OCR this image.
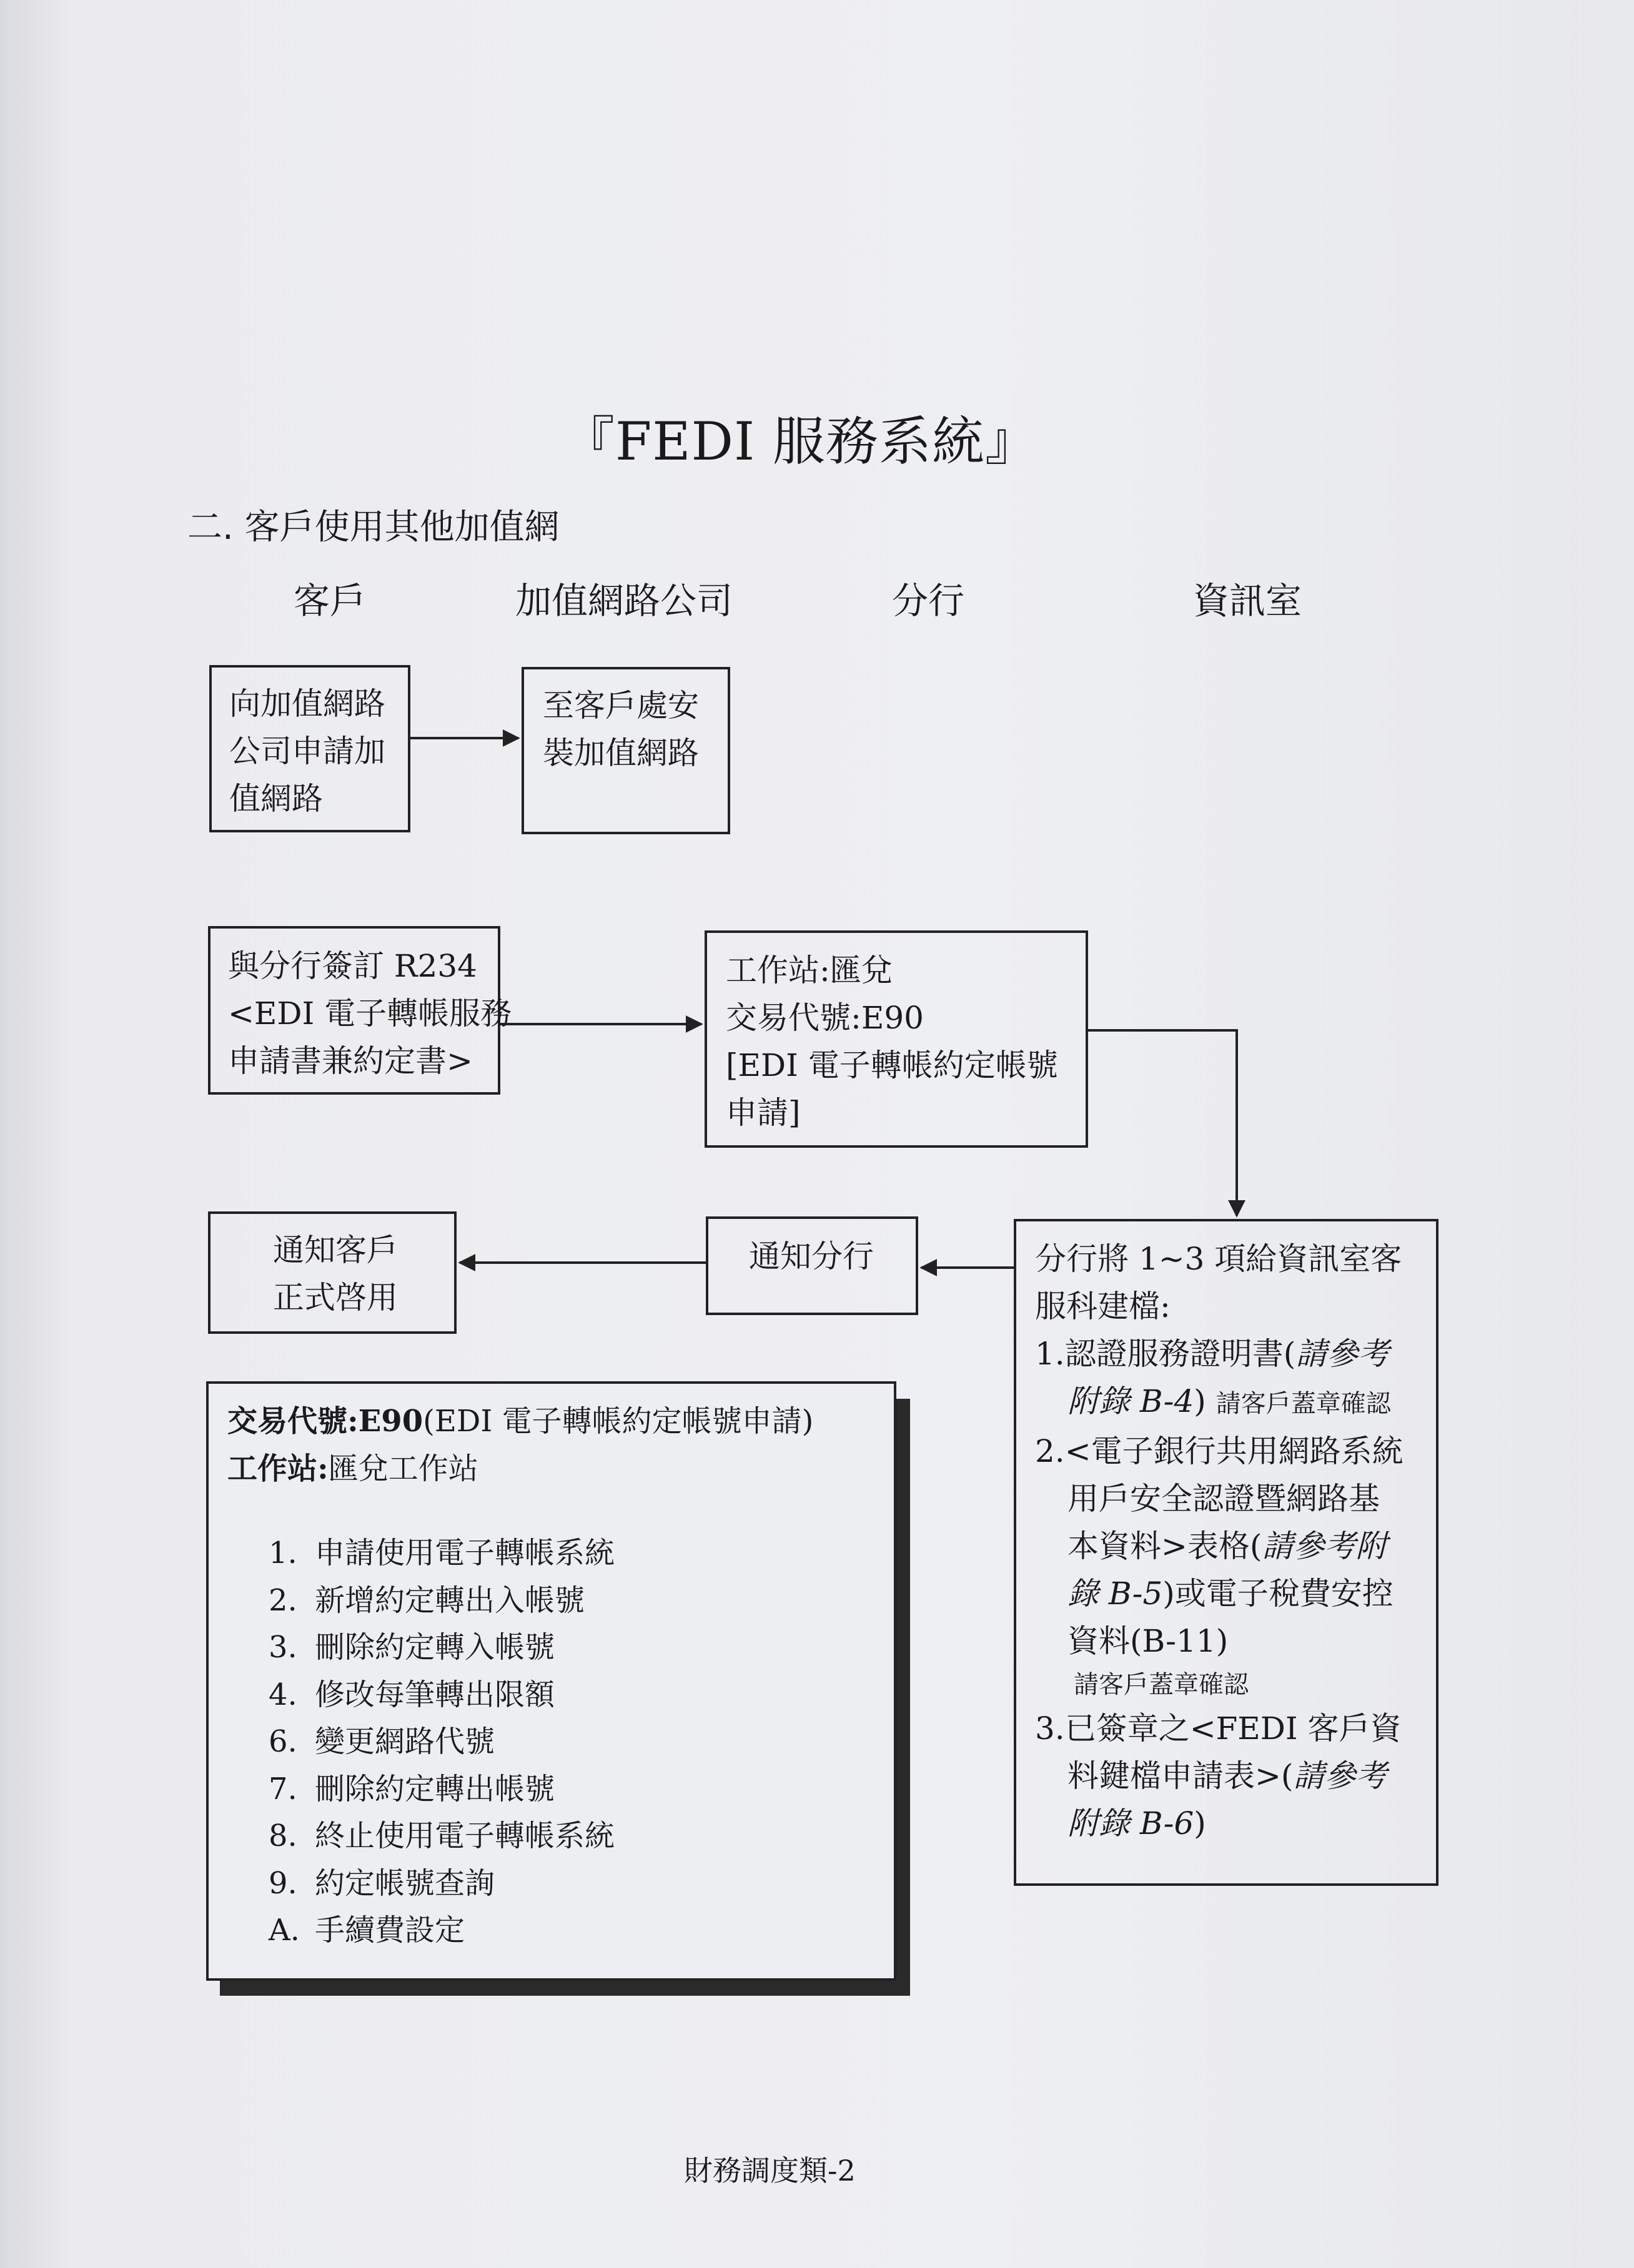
『FEDI 服務系統』
二. 客戶使用其他加值網
客戶	加值網路公司	分行	資訊室
向加值網路
公司申請加
值網路
至客戶處安
裝加值網路
與分行簽訂 R234
<EDI 電子轉帳服務
申請書兼約定書>
工作站:匯兌
交易代號:E90
[EDI 電子轉帳約定帳號
申請]
通知客戶
正式啓用
通知分行	分行將 1~3 項給資訊室客
服科建檔:
1.認證服務證明書(請參考
附錄 B-4) 請客戶蓋章確認
2.<電子銀行共用網路系統
用戶安全認證暨網路基
本資料>表格(請參考附
錄 B-5)或電子稅費安控
資料(B-11)
請客戶蓋章確認
3.已簽章之<FEDI 客戶資
料鍵檔申請表>(請參考
附錄 B-6)
交易代號:E90(EDI 電子轉帳約定帳號申請)
工作站:匯兌工作站
1. 申請使用電子轉帳系統
2. 新增約定轉出入帳號
3. 刪除約定轉入帳號
4. 修改每筆轉出限額
6. 變更網路代號
7. 刪除約定轉出帳號
8. 終止使用電子轉帳系統
9. 約定帳號查詢
A. 手續費設定
財務調度類-2
